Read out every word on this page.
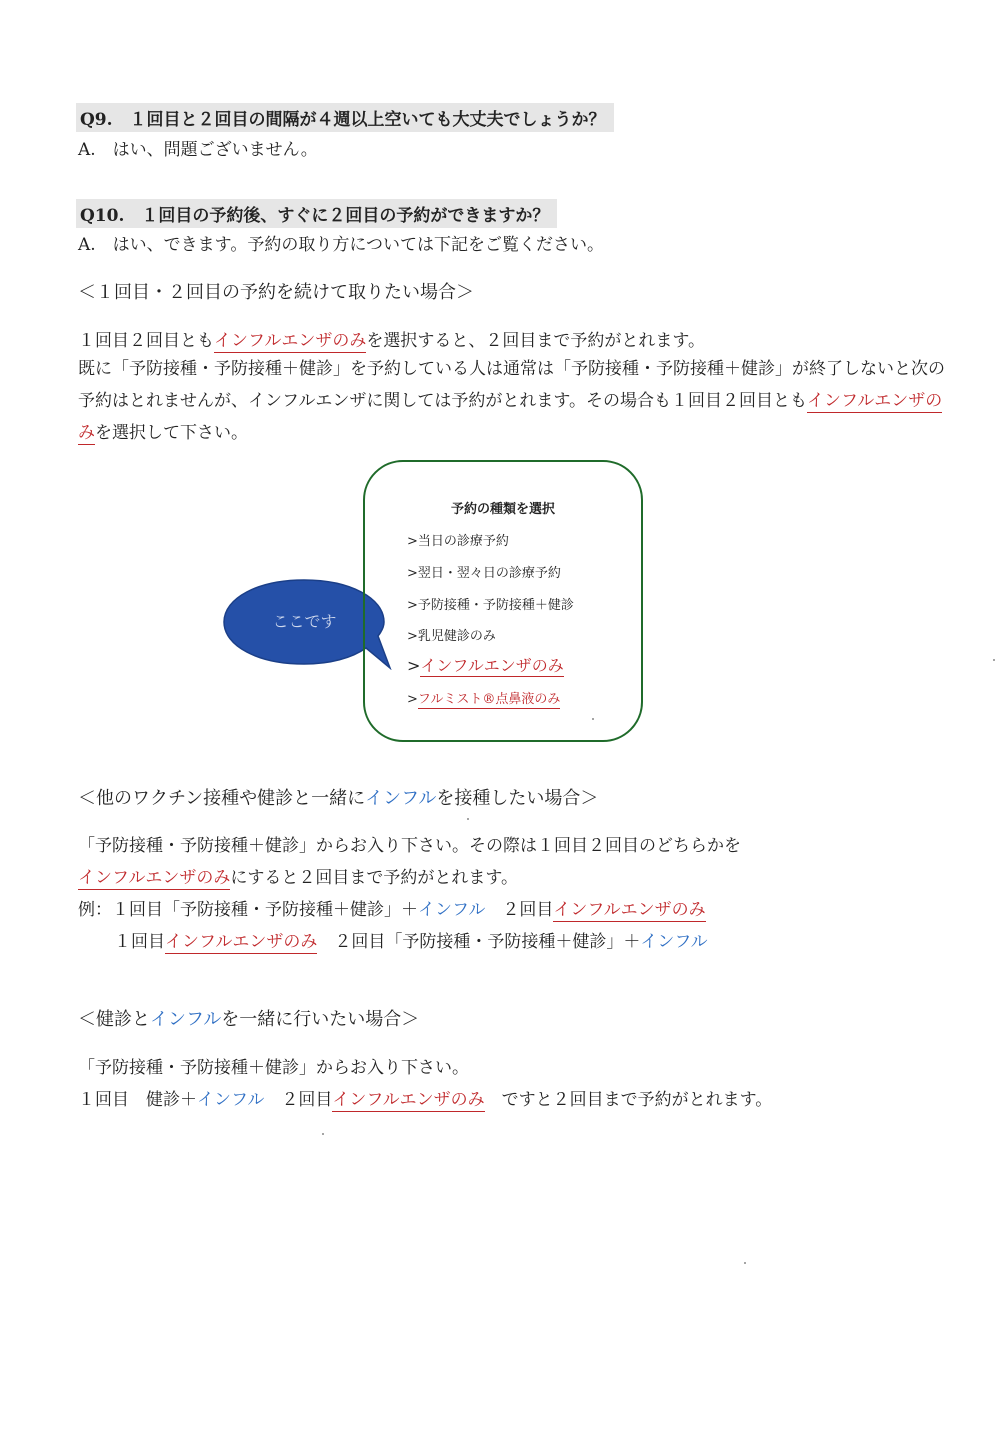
Q9.　１回目と２回目の間隔が４週以上空いても大丈夫でしょうか？
A.　はい、問題ございません。
Q10.　１回目の予約後、すぐに２回目の予約ができますか？
A.　はい、できます。予約の取り方については下記をご覧ください。
＜１回目・２回目の予約を続けて取りたい場合＞
１回目２回目ともインフルエンザのみを選択すると、２回目まで予約がとれます。
既に「予防接種・予防接種＋健診」を予約している人は通常は「予防接種・予防接種＋健診」が終了しないと次の予約はとれませんが、インフルエンザに関しては予約がとれます。その場合も１回目２回目ともインフルエンザのみを選択して下さい。
ここです
予約の種類を選択
>当日の診療予約
>翌日・翌々日の診療予約
>予防接種・予防接種＋健診
>乳児健診のみ
>インフルエンザのみ
>フルミスト®点鼻液のみ
＜他のワクチン接種や健診と一緒にインフルを接種したい場合＞
「予防接種・予防接種＋健診」からお入り下さい。その際は１回目２回目のどちらかを
インフルエンザのみにすると２回目まで予約がとれます。
例：１回目「予防接種・予防接種＋健診」＋インフル　２回目インフルエンザのみ
１回目インフルエンザのみ　２回目「予防接種・予防接種＋健診」＋インフル
＜健診とインフルを一緒に行いたい場合＞
「予防接種・予防接種＋健診」からお入り下さい。
１回目　健診＋インフル　２回目インフルエンザのみ　ですと２回目まで予約がとれます。
